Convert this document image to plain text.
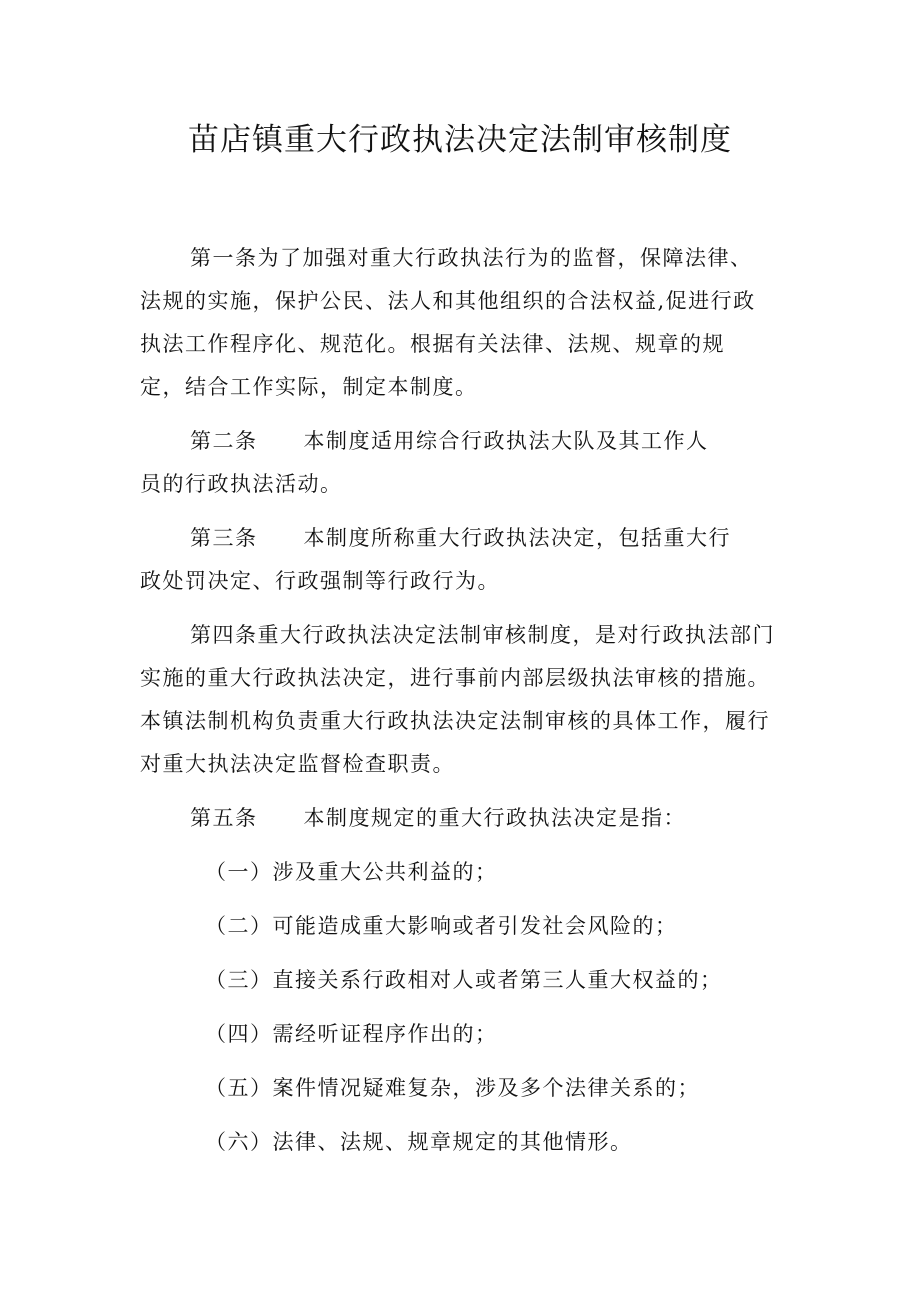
苗店镇重大行政执法决定法制审核制度
第一条为了加强对重大行政执法行为的监督，保障法律、
法规的实施，保护公民、法人和其他组织的合法权益,促进行政
执法工作程序化、规范化。根据有关法律、法规、规章的规
定，结合工作实际，制定本制度。
第二条 本制度适用综合行政执法大队及其工作人
员的行政执法活动。
第三条 本制度所称重大行政执法决定，包括重大行
政处罚决定、行政强制等行政行为。
第四条重大行政执法决定法制审核制度，是对行政执法部门
实施的重大行政执法决定，进行事前内部层级执法审核的措施。
本镇法制机构负责重大行政执法决定法制审核的具体工作，履行
对重大执法决定监督检查职责。
第五条 本制度规定的重大行政执法决定是指：
（一）涉及重大公共利益的；
（二）可能造成重大影响或者引发社会风险的；
（三）直接关系行政相对人或者第三人重大权益的；
（四）需经听证程序作出的；
（五）案件情况疑难复杂，涉及多个法律关系的；
（六）法律、法规、规章规定的其他情形。
